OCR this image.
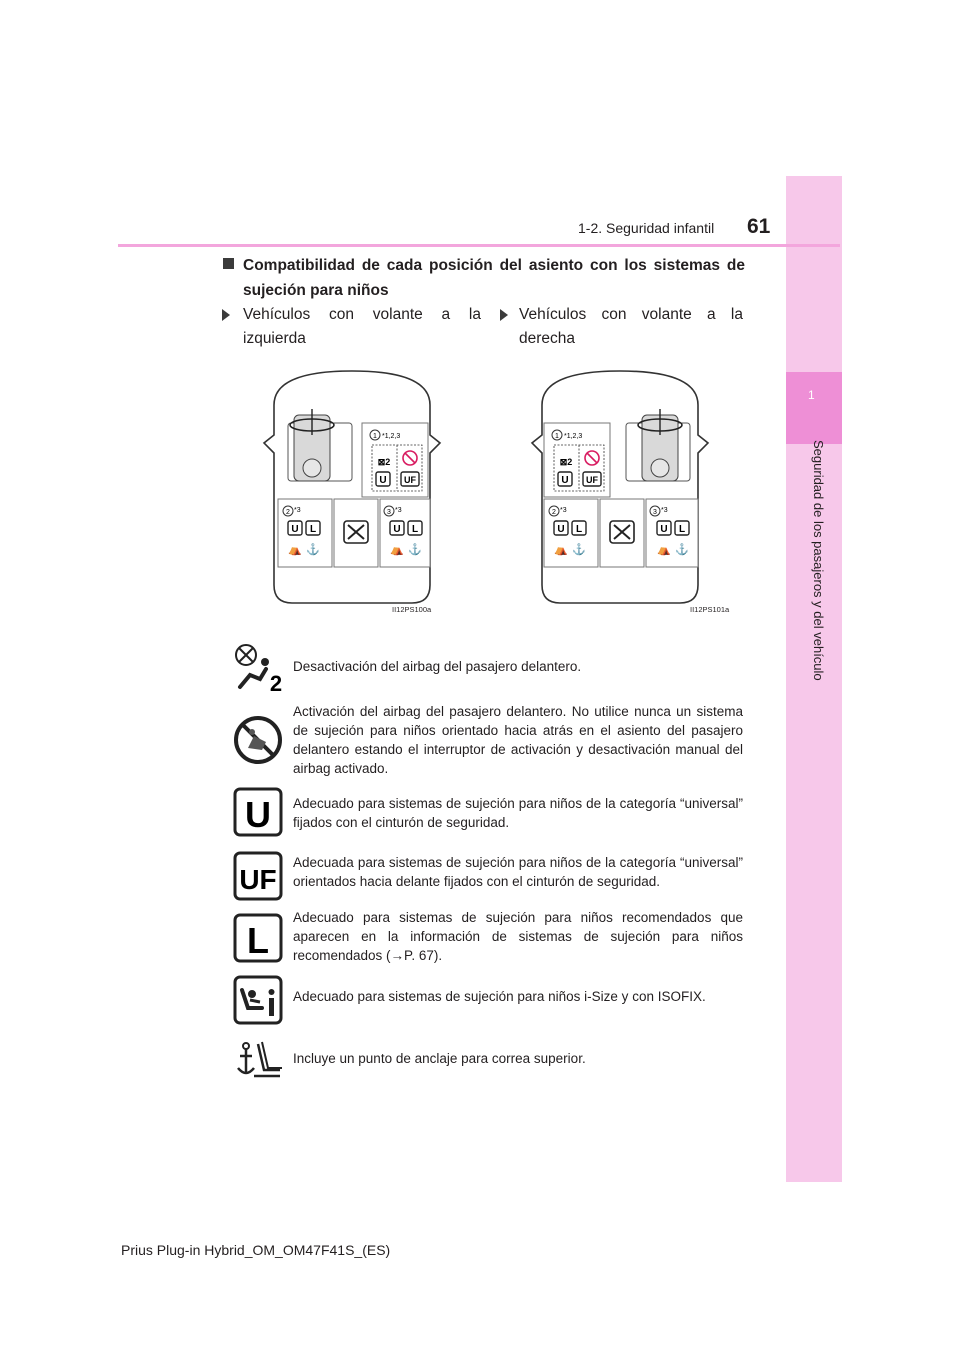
1
Seguridad de los pasajeros y del vehículo
1-2. Seguridad infantil 61
Compatibilidad de cada posición del asiento con los sistemas de sujeción para niños
Vehículos con volante a la izquierda
Vehículos con volante a la derecha
1 *1,2,3
⊠2
U UF
2 *3
U L
⛺ ⚓
3 *3
U L
⛺ ⚓
II12PS100a
1 *1,2,3
⊠2
U UF
2 *3
U L
⛺ ⚓
3 *3
U L
⛺ ⚓
II12PS101a
2
Desactivación del airbag del pasajero delantero.
Activación del airbag del pasajero delantero. No utilice nunca un sistema de sujeción para niños orientado hacia atrás en el asiento del pasajero delantero estando el interruptor de activación y desactivación manual del airbag activado.
U Adecuado para sistemas de sujeción para niños de la categoría “universal” fijados con el cinturón de seguridad.
UF
Adecuada para sistemas de sujeción para niños de la categoría “universal” orientados hacia delante fijados con el cinturón de seguridad.
L
Adecuado para sistemas de sujeción para niños recomendados que aparecen en la información de sistemas de sujeción para niños recomendados (→P. 67).
Adecuado para sistemas de sujeción para niños i-Size y con ISOFIX.
Incluye un punto de anclaje para correa superior.
Prius Plug-in Hybrid_OM_OM47F41S_(ES)
